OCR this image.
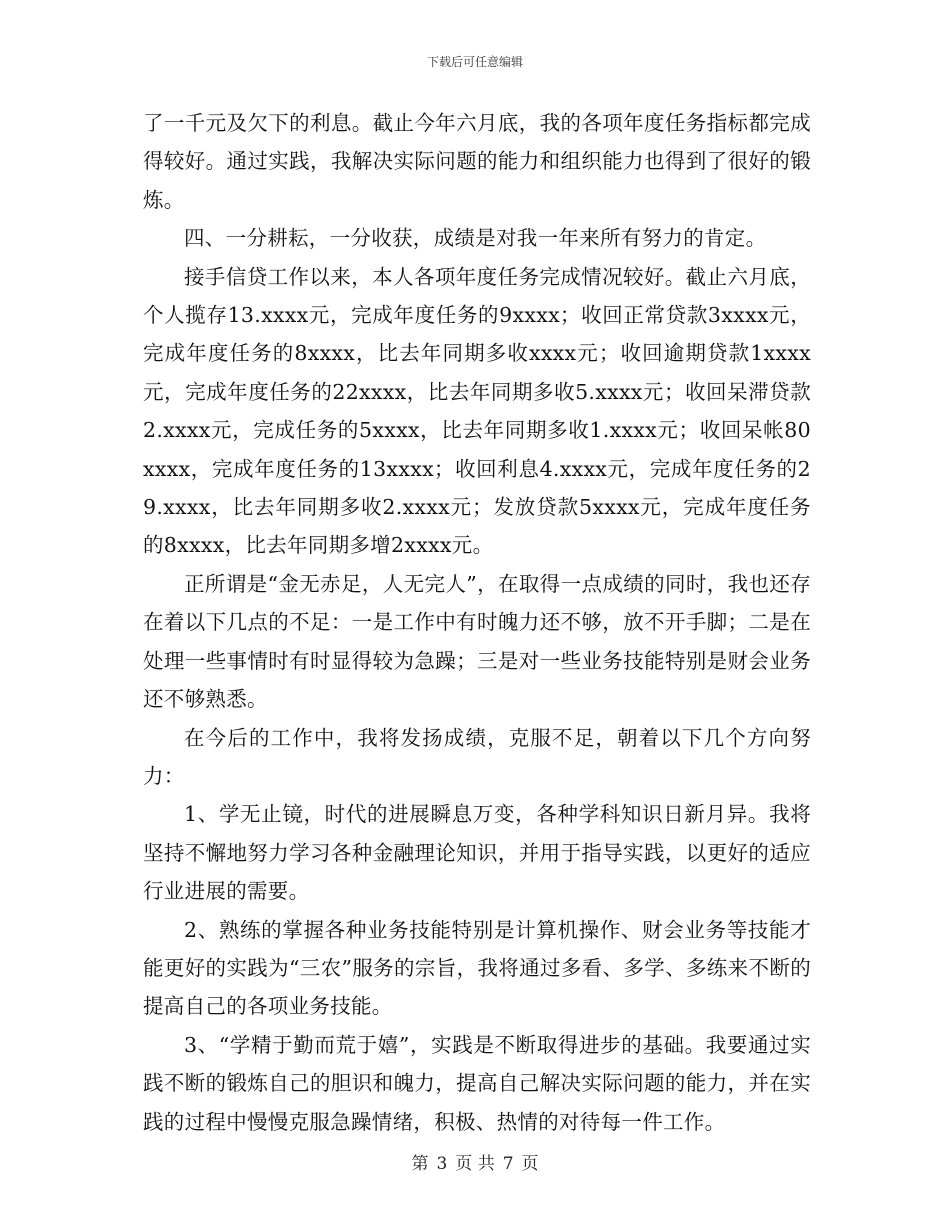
下载后可任意编辑

了一千元及欠下的利息。截止今年六月底，我的各项年度任务指标都完成得较好。通过实践，我解决实际问题的能力和组织能力也得到了很好的锻炼。

四、一分耕耘，一分收获，成绩是对我一年来所有努力的肯定。

接手信贷工作以来，本人各项年度任务完成情况较好。截止六月底，个人揽存13.xxxx元，完成年度任务的9xxxx；收回正常贷款3xxxx元，完成年度任务的8xxxx，比去年同期多收xxxx元；收回逾期贷款1xxxx元，完成年度任务的22xxxx，比去年同期多收5.xxxx元；收回呆滞贷款2.xxxx元，完成任务的5xxxx，比去年同期多收1.xxxx元；收回呆帐80xxxx，完成年度任务的13xxxx；收回利息4.xxxx元，完成年度任务的29.xxxx，比去年同期多收2.xxxx元；发放贷款5xxxx元，完成年度任务的8xxxx，比去年同期多增2xxxx元。

正所谓是“金无赤足，人无完人”，在取得一点成绩的同时，我也还存在着以下几点的不足：一是工作中有时魄力还不够，放不开手脚；二是在处理一些事情时有时显得较为急躁；三是对一些业务技能特别是财会业务还不够熟悉。

在今后的工作中，我将发扬成绩，克服不足，朝着以下几个方向努力：

1、学无止镜，时代的进展瞬息万变，各种学科知识日新月异。我将坚持不懈地努力学习各种金融理论知识，并用于指导实践，以更好的适应行业进展的需要。

2、熟练的掌握各种业务技能特别是计算机操作、财会业务等技能才能更好的实践为“三农”服务的宗旨，我将通过多看、多学、多练来不断的提高自己的各项业务技能。

3、“学精于勤而荒于嬉”，实践是不断取得进步的基础。我要通过实践不断的锻炼自己的胆识和魄力，提高自己解决实际问题的能力，并在实践的过程中慢慢克服急躁情绪，积极、热情的对待每一件工作。

第 3 页 共 7 页
